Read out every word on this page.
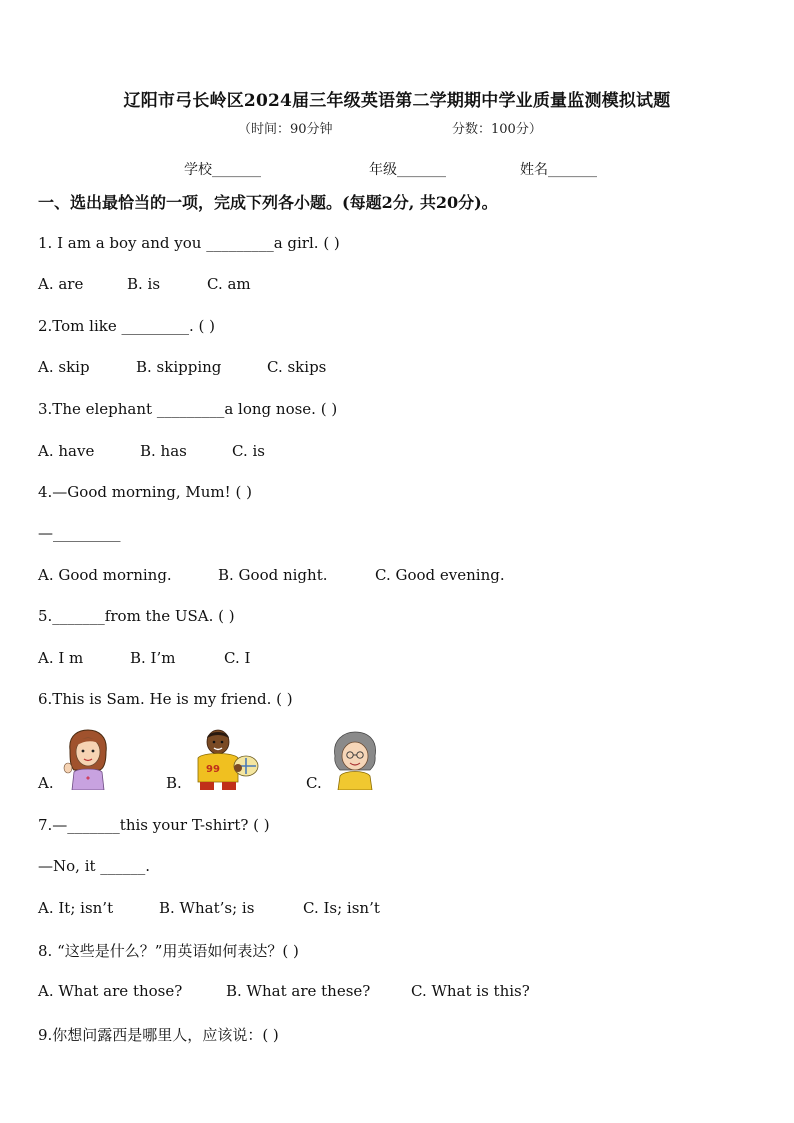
辽阳市弓长岭区2024届三年级英语第二学期期中学业质量监测模拟试题
（时间：90分钟	分数：100分）
学校_______	年级_______	姓名_______
一、选出最恰当的一项，完成下列各小题。(每题2分, 共20分)。
1. I am a boy and you _________a girl. ( )
A. are	B. is	C. am
2.Tom like _________. ( )
A. skip	B. skipping	C. skips
3.The elephant _________a long nose. ( )
A. have	B. has	C. is
4.—Good morning, Mum! ( )
—_________
A. Good morning.	B. Good night.	C. Good evening.
5._______from the USA. ( )
A. I m	B. I’m	C. I
6.This is Sam. He is my friend. ( )
A.	B.	C.
99
7.—_______this your T-shirt? ( )
—No, it ______.
A. It; isn’t	B. What’s; is	C. Is; isn’t
8. “这些是什么？”用英语如何表达？( )
A. What are those?	B. What are these?	C. What is this?
9.你想问露西是哪里人，应该说：( )
